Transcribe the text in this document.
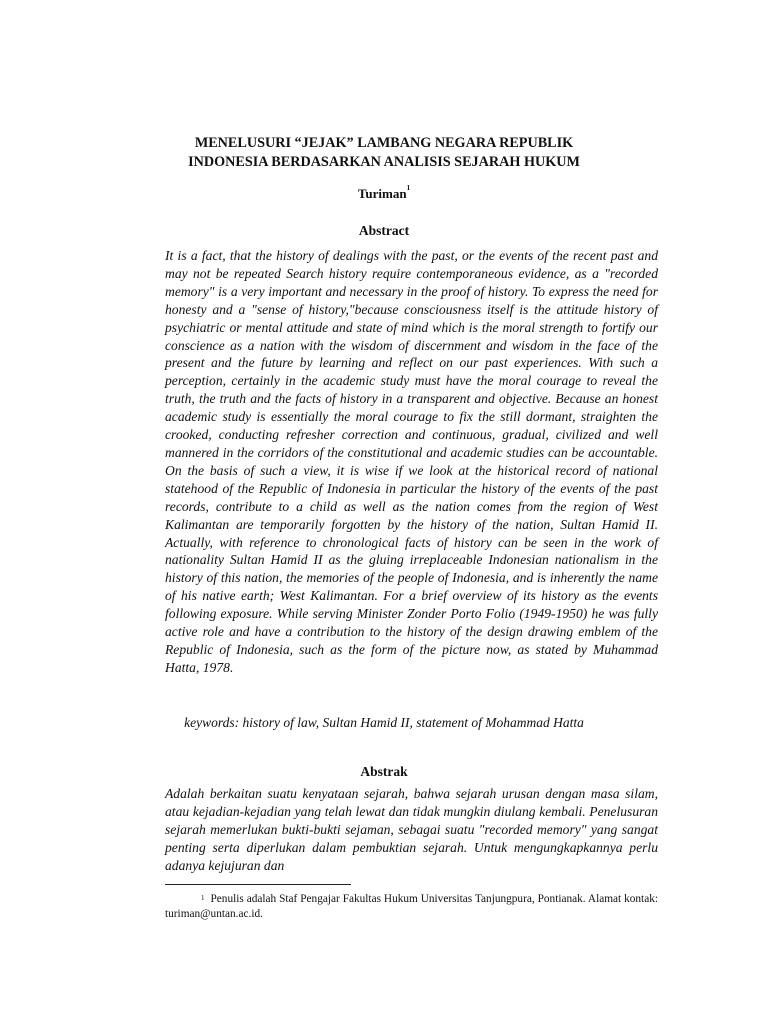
MENELUSURI “JEJAK” LAMBANG NEGARA REPUBLIK
INDONESIA BERDASARKAN ANALISIS SEJARAH HUKUM
Turiman$^1$
Abstract

It is a fact, that the history of dealings with the past, or the events of the recent past and may not be repeated Search history require contemporaneous evidence, as a "recorded memory" is a very important and necessary in the proof of history. To express the need for honesty and a "sense of history,"because consciousness itself is the attitude history of psychiatric or mental attitude and state of mind which is the moral strength to fortify our conscience as a nation with the wisdom of discernment and wisdom in the face of the present and the future by learning and reflect on our past experiences. With such a perception, certainly in the academic study must have the moral courage to reveal the truth, the truth and the facts of history in a transparent and objective. Because an honest academic study is essentially the moral courage to fix the still dormant, straighten the crooked, conducting refresher correction and continuous, gradual, civilized and well mannered in the corridors of the constitutional and academic studies can be accountable. On the basis of such a view, it is wise if we look at the historical record of national statehood of the Republic of Indonesia in particular the history of the events of the past records, contribute to a child as well as the nation comes from the region of West Kalimantan are temporarily forgotten by the history of the nation, Sultan Hamid II. Actually, with reference to chronological facts of history can be seen in the work of nationality Sultan Hamid II as the gluing irreplaceable Indonesian nationalism in the history of this nation, the memories of the people of Indonesia, and is inherently the name of his native earth; West Kalimantan. For a brief overview of its history as the events following exposure. While serving Minister Zonder Porto Folio (1949-1950) he was fully active role and have a contribution to the history of the design drawing emblem of the Republic of Indonesia, such as the form of the picture now, as stated by Muhammad Hatta, 1978.

keywords: history of law, Sultan Hamid II, statement of Mohammad Hatta
Abstrak

Adalah berkaitan suatu kenyataan sejarah, bahwa sejarah urusan dengan masa silam, atau kejadian-kejadian yang telah lewat dan tidak mungkin diulang kembali. Penelusuran sejarah memerlukan bukti-bukti sejaman, sebagai suatu "recorded memory" yang sangat penting serta diperlukan dalam pembuktian sejarah. Untuk mengungkapkannya perlu adanya kejujuran dan

$^1$ Penulis adalah Staf Pengajar Fakultas Hukum Universitas Tanjungpura, Pontianak. Alamat kontak: turiman@untan.ac.id.
